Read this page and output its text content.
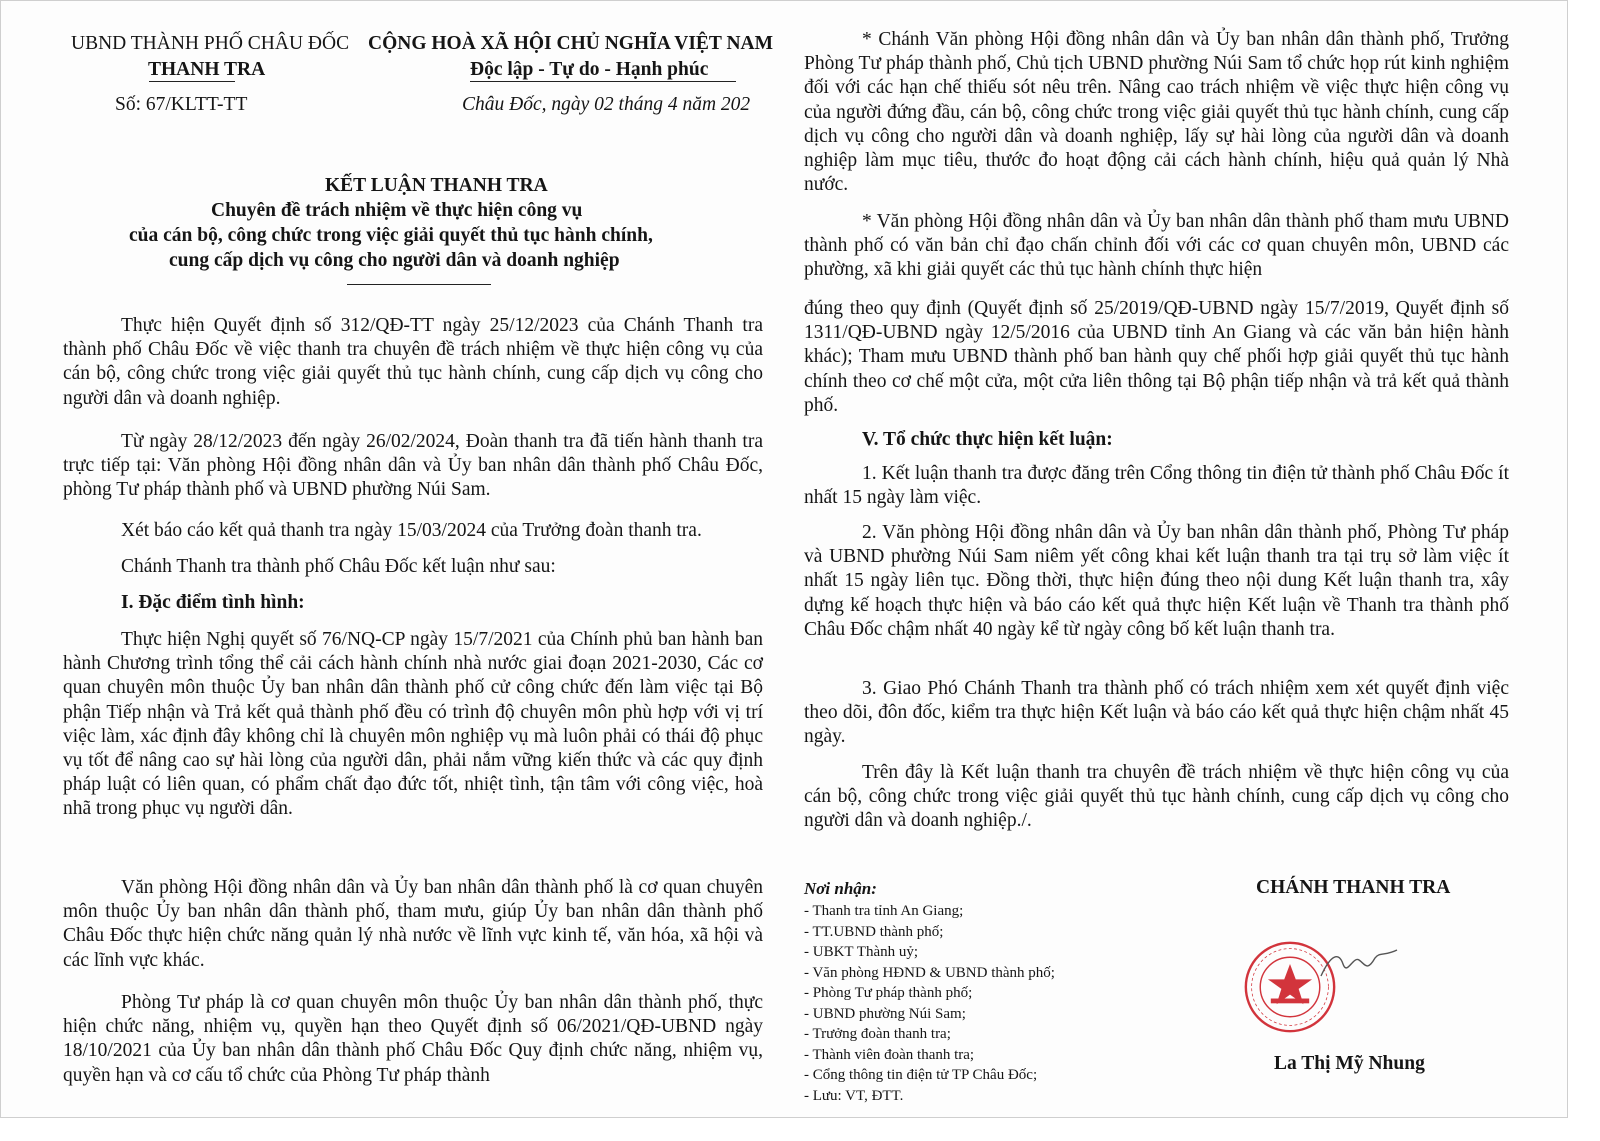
UBND THÀNH PHỐ CHÂU ĐỐC
THANH TRA
Số: 67/KLTT-TT
KẾT LUẬN THANH TRA
Chuyên đề trách nhiệm về thực hiện công vụ
của cán bộ, công chức trong việc giải quyết thủ tục hành chính,
cung cấp dịch vụ công cho người dân và doanh nghiệp
Thực hiện Quyết định số 312/QĐ-TT ngày 25/12/2023 của Chánh Thanh tra thành phố Châu Đốc về việc thanh tra chuyên đề trách nhiệm về thực hiện công vụ của cán bộ, công chức trong việc giải quyết thủ tục hành chính, cung cấp dịch vụ công cho người dân và doanh nghiệp.
Từ ngày 28/12/2023 đến ngày 26/02/2024, Đoàn thanh tra đã tiến hành thanh tra trực tiếp tại: Văn phòng Hội đồng nhân dân và Ủy ban nhân dân thành phố Châu Đốc, phòng Tư pháp thành phố và UBND phường Núi Sam.
Xét báo cáo kết quả thanh tra ngày 15/03/2024 của Trưởng đoàn thanh tra.
Chánh Thanh tra thành phố Châu Đốc kết luận như sau:
I. Đặc điểm tình hình:
Thực hiện Nghị quyết số 76/NQ-CP ngày 15/7/2021 của Chính phủ ban hành ban hành Chương trình tổng thể cải cách hành chính nhà nước giai đoạn 2021-2030, Các cơ quan chuyên môn thuộc Ủy ban nhân dân thành phố cử công chức đến làm việc tại Bộ phận Tiếp nhận và Trả kết quả thành phố đều có trình độ chuyên môn phù hợp với vị trí việc làm, xác định đây không chỉ là chuyên môn nghiệp vụ mà luôn phải có thái độ phục vụ tốt để nâng cao sự hài lòng của người dân, phải nắm vững kiến thức và các quy định pháp luật có liên quan, có phẩm chất đạo đức tốt, nhiệt tình, tận tâm với công việc, hoà nhã trong phục vụ người dân.
Văn phòng Hội đồng nhân dân và Ủy ban nhân dân thành phố là cơ quan chuyên môn thuộc Ủy ban nhân dân thành phố, tham mưu, giúp Ủy ban nhân dân thành phố Châu Đốc thực hiện chức năng quản lý nhà nước về lĩnh vực kinh tế, văn hóa, xã hội và các lĩnh vực khác.
Phòng Tư pháp là cơ quan chuyên môn thuộc Ủy ban nhân dân thành phố, thực hiện chức năng, nhiệm vụ, quyền hạn theo Quyết định số 06/2021/QĐ-UBND ngày 18/10/2021 của Ủy ban nhân dân thành phố Châu Đốc Quy định chức năng, nhiệm vụ, quyền hạn và cơ cấu tổ chức của Phòng Tư pháp thành
CỘNG HOÀ XÃ HỘI CHỦ NGHĨA VIỆT NAM
Độc lập - Tự do - Hạnh phúc
Châu Đốc, ngày 02 tháng 4 năm 202
* Chánh Văn phòng Hội đồng nhân dân và Ủy ban nhân dân thành phố, Trưởng Phòng Tư pháp thành phố, Chủ tịch UBND phường Núi Sam tổ chức họp rút kinh nghiệm đối với các hạn chế thiếu sót nêu trên. Nâng cao trách nhiệm về việc thực hiện công vụ của người đứng đầu, cán bộ, công chức trong việc giải quyết thủ tục hành chính, cung cấp dịch vụ công cho người dân và doanh nghiệp, lấy sự hài lòng của người dân và doanh nghiệp làm mục tiêu, thước đo hoạt động cải cách hành chính, hiệu quả quản lý Nhà nước.
* Văn phòng Hội đồng nhân dân và Ủy ban nhân dân thành phố tham mưu UBND thành phố có văn bản chỉ đạo chấn chỉnh đối với các cơ quan chuyên môn, UBND các phường, xã khi giải quyết các thủ tục hành chính thực hiện
đúng theo quy định (Quyết định số 25/2019/QĐ-UBND ngày 15/7/2019, Quyết định số 1311/QĐ-UBND ngày 12/5/2016 của UBND tỉnh An Giang và các văn bản hiện hành khác); Tham mưu UBND thành phố ban hành quy chế phối hợp giải quyết thủ tục hành chính theo cơ chế một cửa, một cửa liên thông tại Bộ phận tiếp nhận và trả kết quả thành phố.
V. Tổ chức thực hiện kết luận:
1. Kết luận thanh tra được đăng trên Cổng thông tin điện tử thành phố Châu Đốc ít nhất 15 ngày làm việc.
2. Văn phòng Hội đồng nhân dân và Ủy ban nhân dân thành phố, Phòng Tư pháp và UBND phường Núi Sam niêm yết công khai kết luận thanh tra tại trụ sở làm việc ít nhất 15 ngày liên tục. Đồng thời, thực hiện đúng theo nội dung Kết luận thanh tra, xây dựng kế hoạch thực hiện và báo cáo kết quả thực hiện Kết luận về Thanh tra thành phố Châu Đốc chậm nhất 40 ngày kể từ ngày công bố kết luận thanh tra.
3. Giao Phó Chánh Thanh tra thành phố có trách nhiệm xem xét quyết định việc theo dõi, đôn đốc, kiểm tra thực hiện Kết luận và báo cáo kết quả thực hiện chậm nhất 45 ngày.
Trên đây là Kết luận thanh tra chuyên đề trách nhiệm về thực hiện công vụ của cán bộ, công chức trong việc giải quyết thủ tục hành chính, cung cấp dịch vụ công cho người dân và doanh nghiệp./.
Nơi nhận:
- Thanh tra tỉnh An Giang;
- TT.UBND thành phố;
- UBKT Thành uỷ;
- Văn phòng HĐND & UBND thành phố;
- Phòng Tư pháp thành phố;
- UBND phường Núi Sam;
- Trưởng đoàn thanh tra;
- Thành viên đoàn thanh tra;
- Cổng thông tin điện tử TP Châu Đốc;
- Lưu: VT, ĐTT.
CHÁNH THANH TRA
La Thị Mỹ Nhung
